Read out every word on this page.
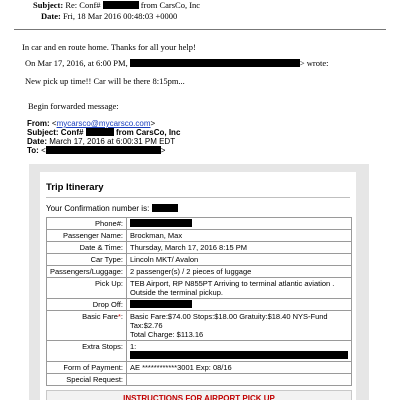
Subject: Re: Conf#	from CarsCo, Inc
Date: Fri, 18 Mar 2016 00:48:03 +0000
In car and en route home. Thanks for all your help!
On Mar 17, 2016, at 6:00 PM,	> wrote:
New pick up time!! Car will be there 8:15pm...
Begin forwarded message:
From: <mycarsco@mycarsco.com>
Subject: Conf#	from CarsCo, Inc
Date: March 17, 2016 at 6:00:31 PM EDT
To: <	>
Trip Itinerary
Your Confirmation number is:
Phone#:	
Passenger Name:	Brockman, Max
Date & Time:	Thursday, March 17, 2016 8:15 PM
Car Type:	Lincoln MKT/ Avalon
Passengers/Luggage:	2 passenger(s) / 2 pieces of luggage
Pick Up:	TEB Airport, RP N855PT Arriving to terminal atlantic aviation . Outside the terminal pickup.
Drop Off:	
Basic Fare*:	Basic Fare:$74.00 Stops:$18.00 Gratuity:$18.40 NYS-Fund Tax:$2.76
Total Charge: $113.16

Extra Stops:	1:
Form of Payment:	AE ************3001 Exp: 08/16
Special Request:	
INSTRUCTIONS FOR AIRPORT PICK UP
